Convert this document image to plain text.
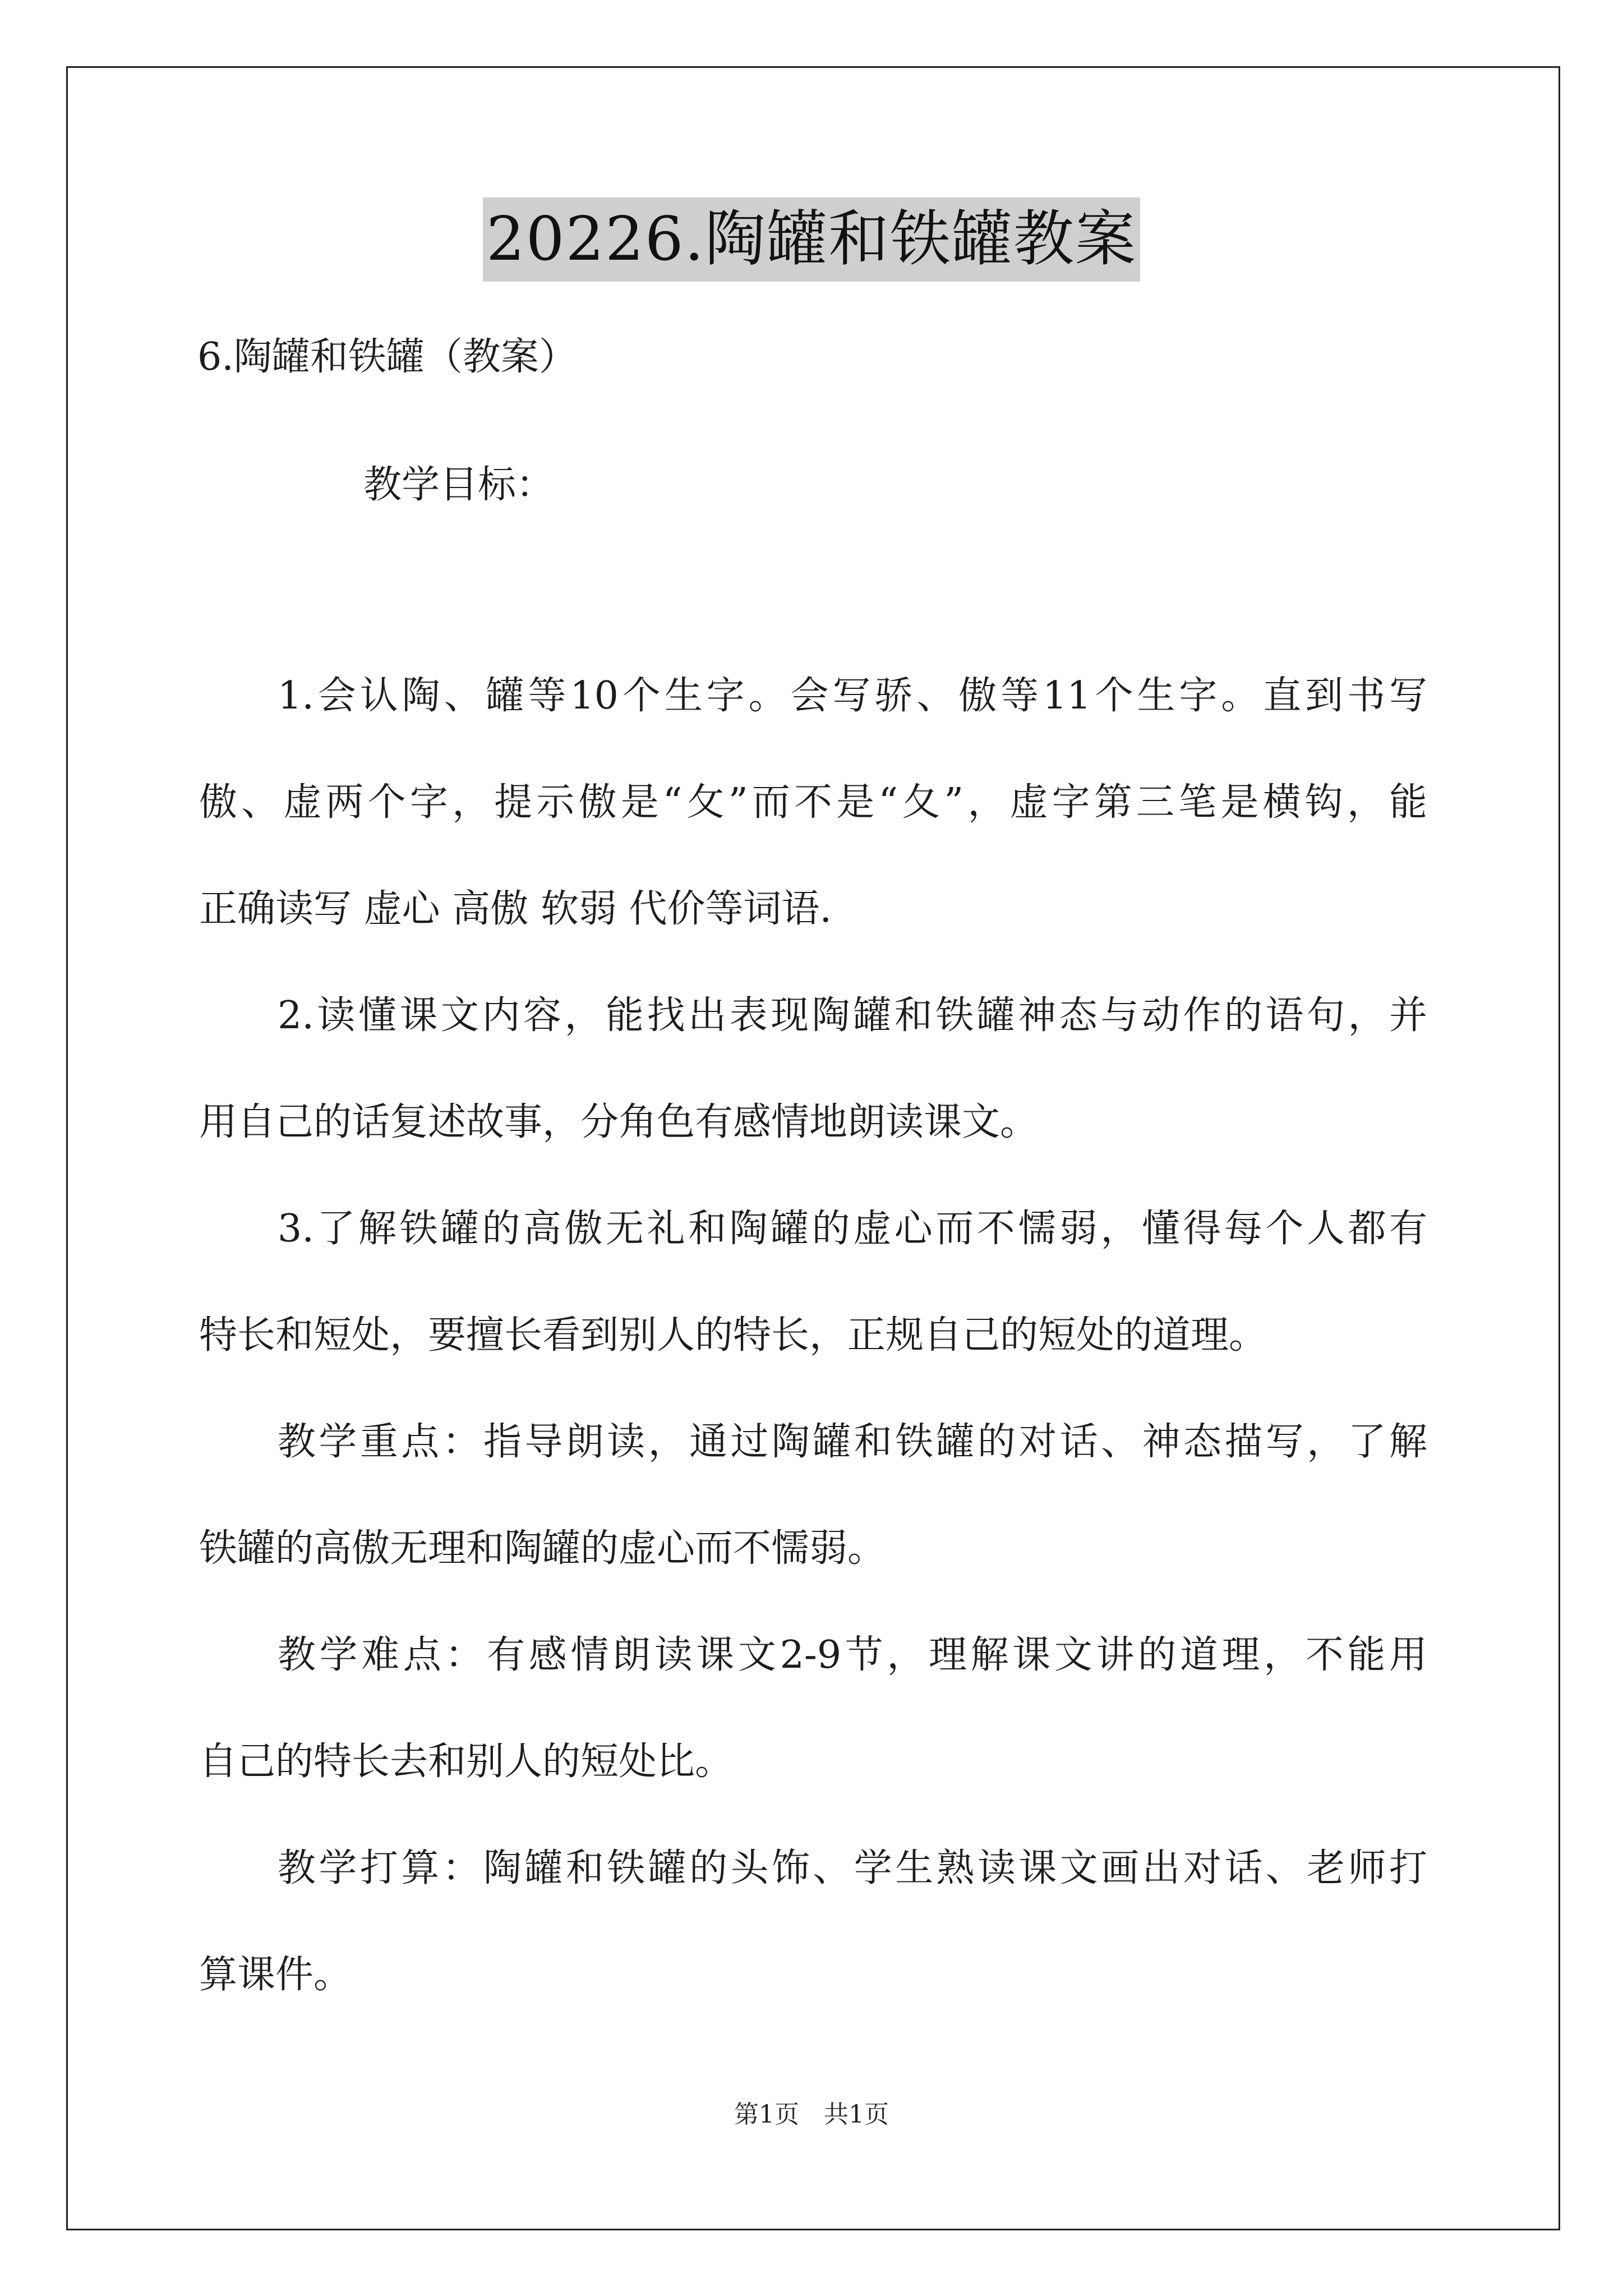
20226.陶罐和铁罐教案
6.陶罐和铁罐（教案）
教学目标：
1.会认陶、罐等10个生字。会写骄、傲等11个生字。直到书写
傲、虚两个字，提示傲是“攵”而不是“夂”，虚字第三笔是横钩，能
正确读写 虚心 高傲 软弱 代价等词语.
2.读懂课文内容，能找出表现陶罐和铁罐神态与动作的语句，并
用自己的话复述故事，分角色有感情地朗读课文。
3.了解铁罐的高傲无礼和陶罐的虚心而不懦弱，懂得每个人都有
特长和短处，要擅长看到别人的特长，正规自己的短处的道理。
教学重点：指导朗读，通过陶罐和铁罐的对话、神态描写，了解
铁罐的高傲无理和陶罐的虚心而不懦弱。
教学难点：有感情朗读课文2-9节，理解课文讲的道理，不能用
自己的特长去和别人的短处比。
教学打算：陶罐和铁罐的头饰、学生熟读课文画出对话、老师打
算课件。
第1页 共1页
